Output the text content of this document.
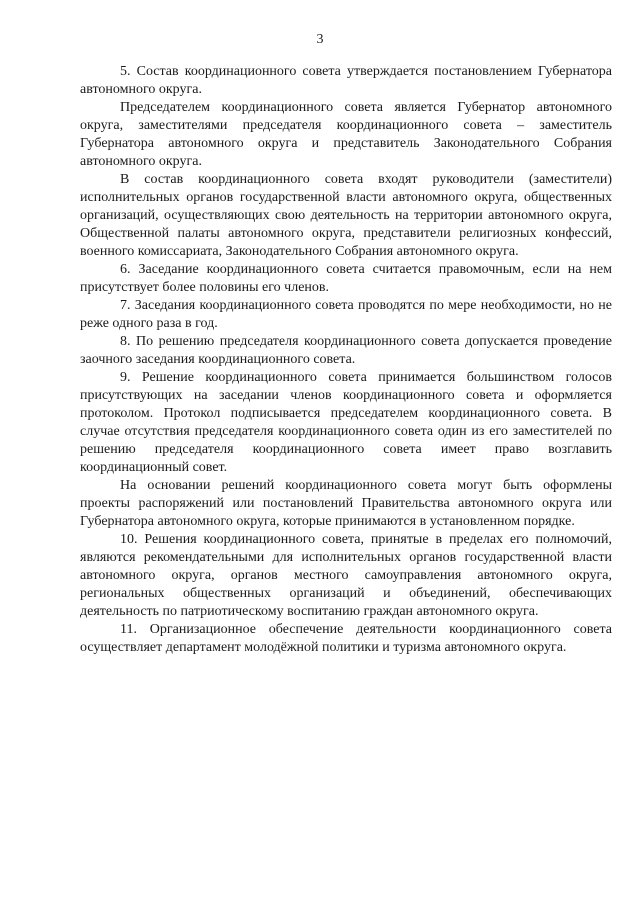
3

5. Состав координационного совета утверждается постановлением Губернатора автономного округа.

Председателем координационного совета является Губернатор автономного округа, заместителями председателя координационного совета – заместитель Губернатора автономного округа и представитель Законодательного Собрания автономного округа.

В состав координационного совета входят руководители (заместители) исполнительных органов государственной власти автономного округа, общественных организаций, осуществляющих свою деятельность на территории автономного округа, Общественной палаты автономного округа, представители религиозных конфессий, военного комиссариата, Законодательного Собрания автономного округа.

6. Заседание координационного совета считается правомочным, если на нем присутствует более половины его членов.

7. Заседания координационного совета проводятся по мере необходимости, но не реже одного раза в год.

8. По решению председателя координационного совета допускается проведение заочного заседания координационного совета.

9. Решение координационного совета принимается большинством голосов присутствующих на заседании членов координационного совета и оформляется протоколом. Протокол подписывается председателем координационного совета. В случае отсутствия председателя координационного совета один из его заместителей по решению председателя координационного совета имеет право возглавить координационный совет.

На основании решений координационного совета могут быть оформлены проекты распоряжений или постановлений Правительства автономного округа или Губернатора автономного округа, которые принимаются в установленном порядке.

10. Решения координационного совета, принятые в пределах его полномочий, являются рекомендательными для исполнительных органов государственной власти автономного округа, органов местного самоуправления автономного округа, региональных общественных организаций и объединений, обеспечивающих деятельность по патриотическому воспитанию граждан автономного округа.

11. Организационное обеспечение деятельности координационного совета осуществляет департамент молодёжной политики и туризма автономного округа.
